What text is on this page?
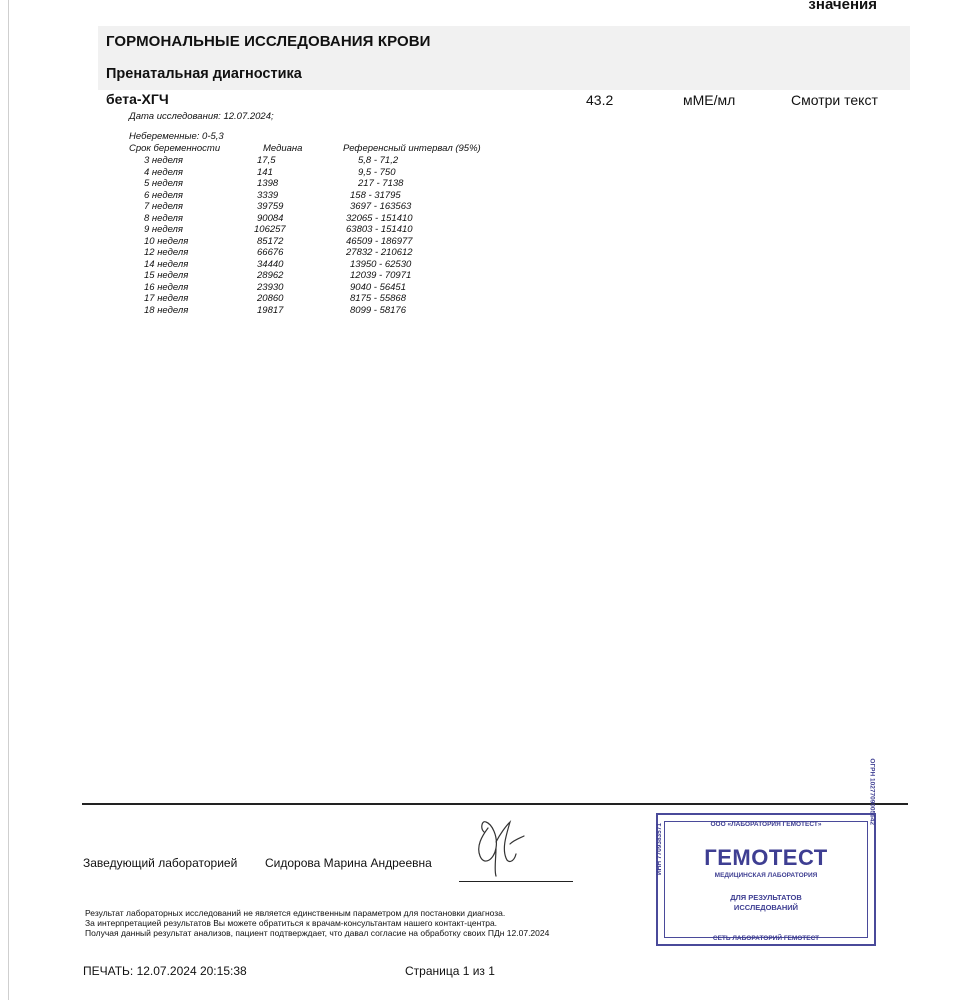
значения
ГОРМОНАЛЬНЫЕ ИССЛЕДОВАНИЯ КРОВИ
Пренатальная диагностика
бета-ХГЧ	43.2	мМЕ/мл	Смотри текст
Дата исследования: 12.07.2024;
Небеременные: 0-5,3
Срок беременности	Медиана	Референсный интервал (95%)
3 неделя	17,5	5,8 - 71,2
4 неделя	141	9,5 - 750
5 неделя	1398	217 - 7138
6 неделя	3339	158 - 31795
7 неделя	39759	3697 - 163563
8 неделя	90084	32065 - 151410
9 неделя	106257	63803 - 151410
10 неделя	85172	46509 - 186977
12 неделя	66676	27832 - 210612
14 неделя	34440	13950 - 62530
15 неделя	28962	12039 - 70971
16 неделя	23930	9040 - 56451
17 неделя	20860	8175 - 55868
18 неделя	19817	8099 - 58176
Заведующий лабораторией Сидорова Марина Андреевна
Результат лабораторных исследований не является единственным параметром для постановки диагноза.
За интерпретацией результатов Вы можете обратиться к врачам-консультантам нашего контакт-центра.
Получая данный результат анализов, пациент подтверждает, что давал согласие на обработку своих ПДн 12.07.2024
ПЕЧАТЬ: 12.07.2024 20:15:38	Страница 1 из 1
ООО «ЛАБОРАТОРИЯ ГЕМОТЕСТ»
ГЕМОТЕСТ
МЕДИЦИНСКАЯ ЛАБОРАТОРИЯ
ДЛЯ РЕЗУЛЬТАТОВ
ИССЛЕДОВАНИЙ
СЕТЬ ЛАБОРАТОРИЙ ГЕМОТЕСТ
ИНН 7709383571
ОГРН 1027709005642
